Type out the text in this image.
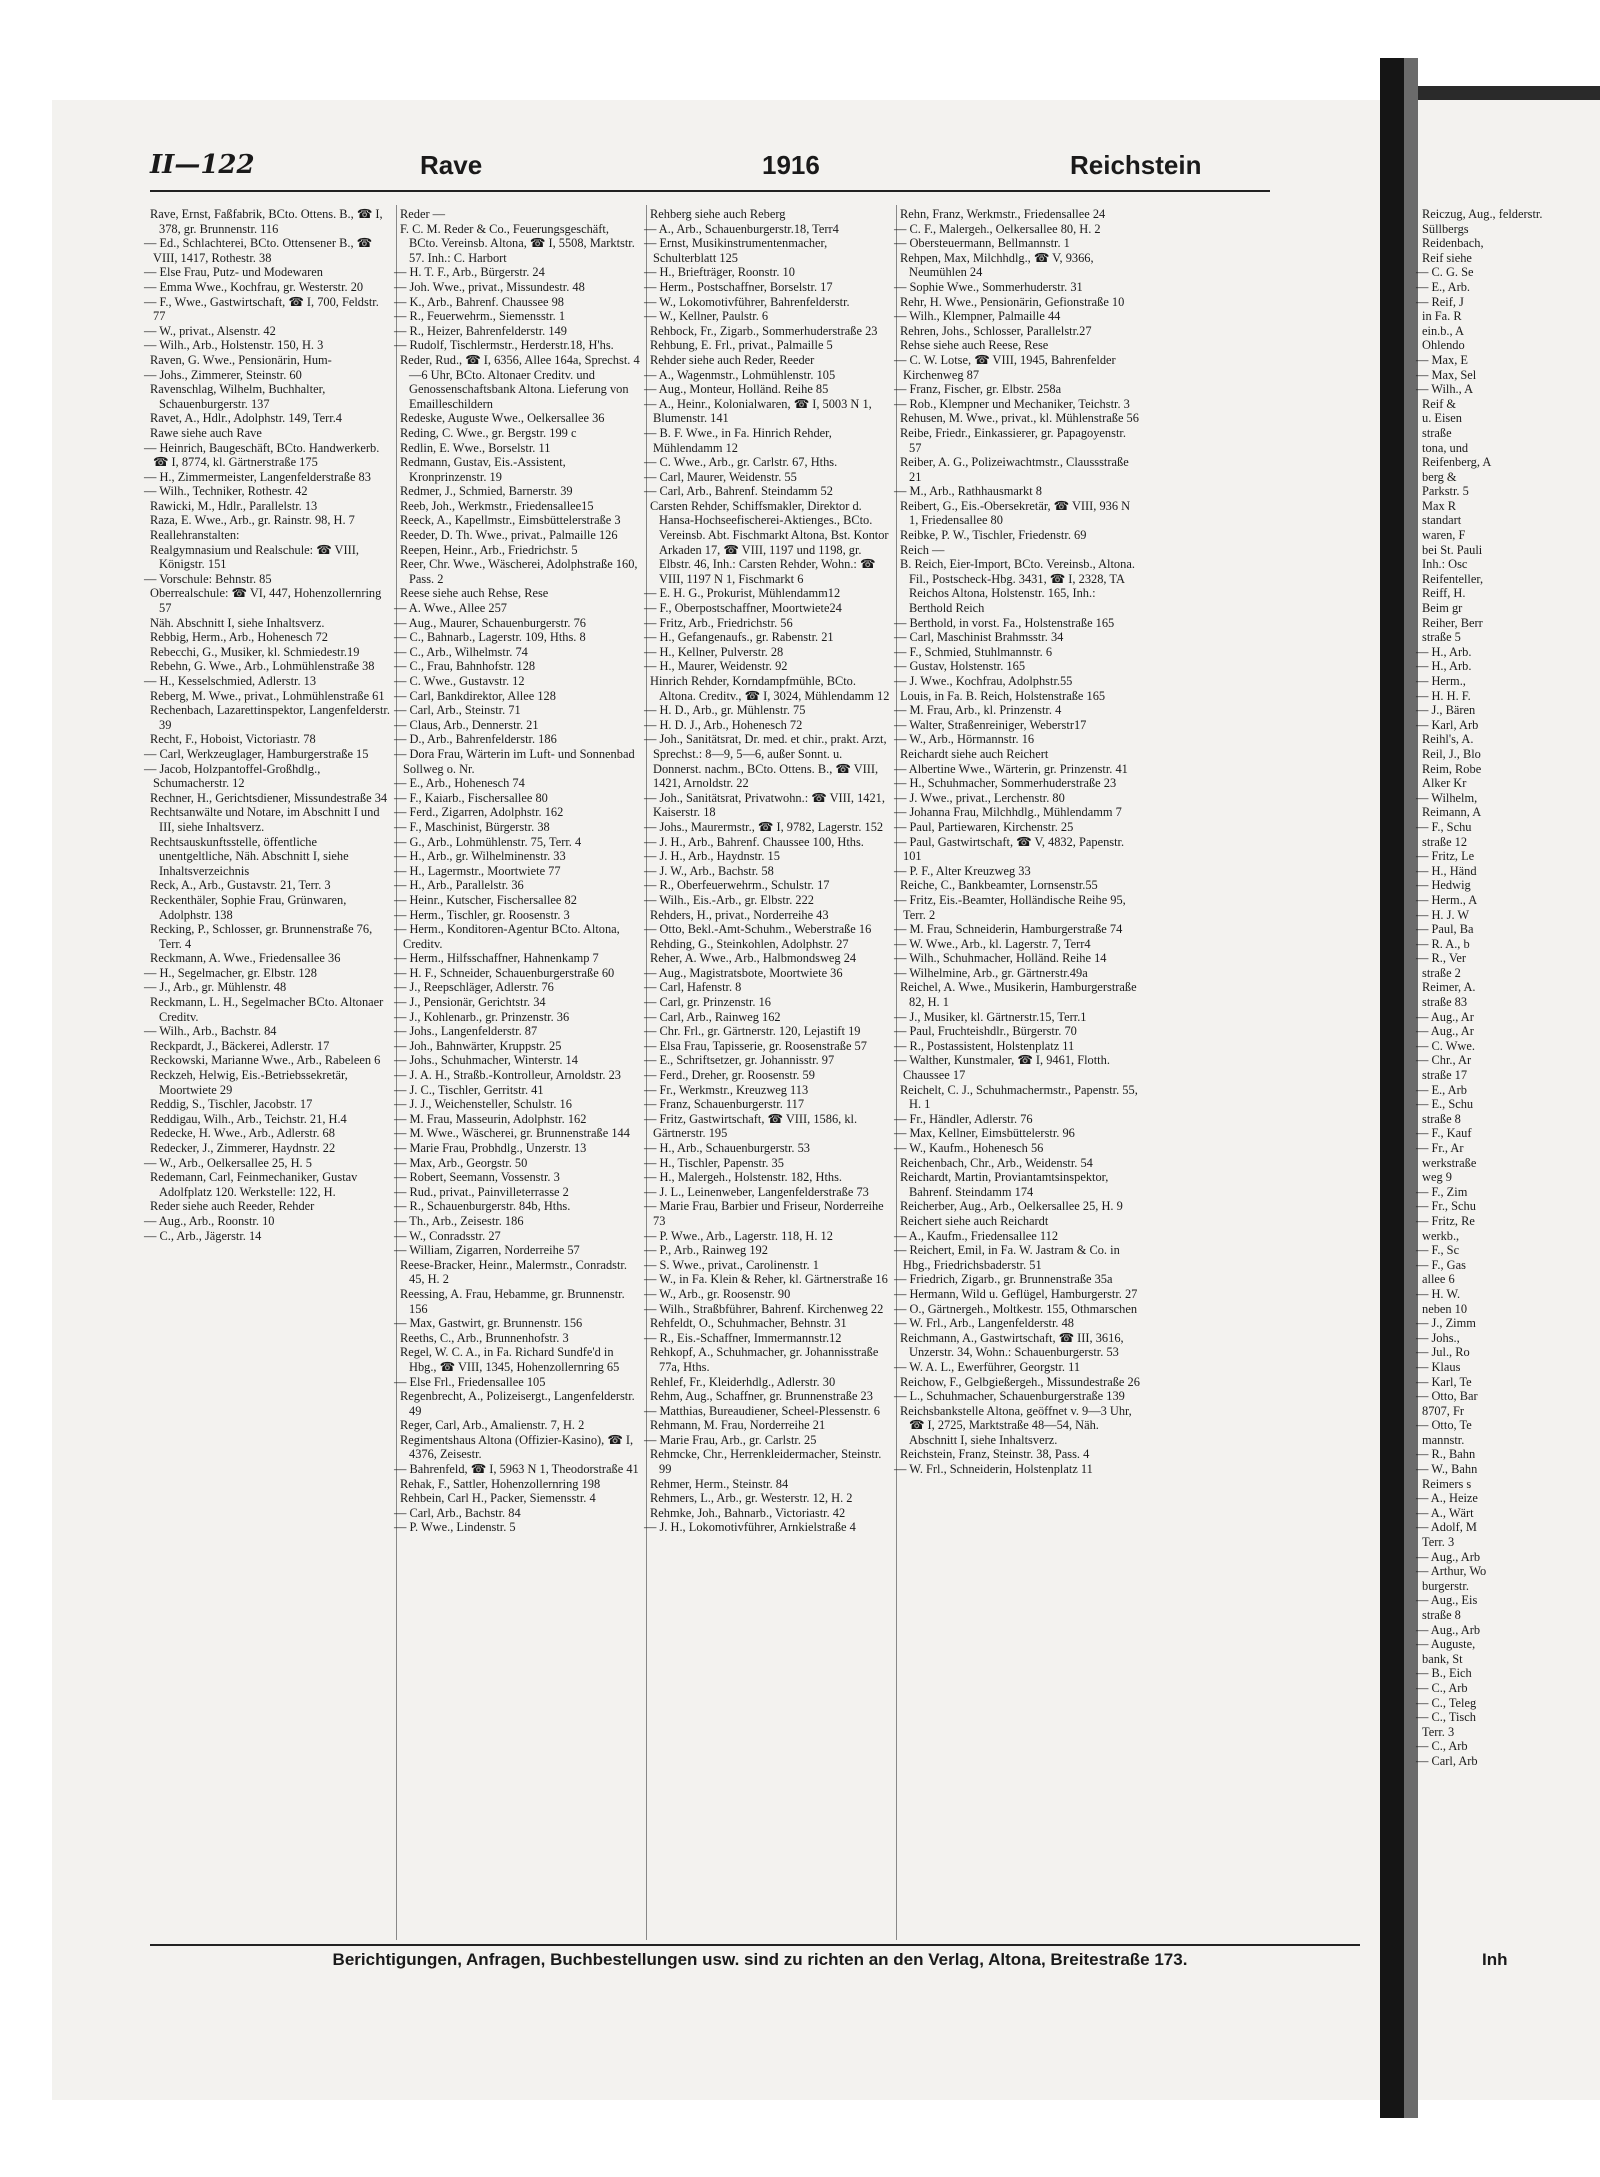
II—122	Rave	1916	Reichstein

Rave, Ernst, Faßfabrik, BCto. Ottens. B., ☎ I, 378, gr. Brunnenstr. 116

— Ed., Schlachterei, BCto. Ottensener B., ☎ VIII, 1417, Rothestr. 38

— Else Frau, Putz- und Modewaren

— Emma Wwe., Kochfrau, gr. Westerstr. 20

— F., Wwe., Gastwirtschaft, ☎ I, 700, Feldstr. 77

— W., privat., Alsenstr. 42

— Wilh., Arb., Holstenstr. 150, H. 3

Raven, G. Wwe., Pensionärin, Hum-

— Johs., Zimmerer, Steinstr. 60

Ravenschlag, Wilhelm, Buchhalter, Schauenburgerstr. 137

Ravet, A., Hdlr., Adolphstr. 149, Terr.4

Rawe siehe auch Rave

— Heinrich, Baugeschäft, BCto. Handwerkerb. ☎ I, 8774, kl. Gärtnerstraße 175

— H., Zimmermeister, Langenfelderstraße 83

— Wilh., Techniker, Rothestr. 42

Rawicki, M., Hdlr., Parallelstr. 13

Raza, E. Wwe., Arb., gr. Rainstr. 98, H. 7

Reallehranstalten:

Realgymnasium und Realschule: ☎ VIII, Königstr. 151

— Vorschule: Behnstr. 85

Oberrealschule: ☎ VI, 447, Hohenzollernring 57

Näh. Abschnitt I, siehe Inhaltsverz.

Rebbig, Herm., Arb., Hohenesch 72

Rebecchi, G., Musiker, kl. Schmiedestr.19

Rebehn, G. Wwe., Arb., Lohmühlenstraße 38

— H., Kesselschmied, Adlerstr. 13

Reberg, M. Wwe., privat., Lohmühlenstraße 61

Rechenbach, Lazarettinspektor, Langenfelderstr. 39

Recht, F., Hoboist, Victoriastr. 78

— Carl, Werkzeuglager, Hamburgerstraße 15

— Jacob, Holzpantoffel-Großhdlg., Schumacherstr. 12

Rechner, H., Gerichtsdiener, Missundestraße 34

Rechtsanwälte und Notare, im Abschnitt I und III, siehe Inhaltsverz.

Rechtsauskunftsstelle, öffentliche unentgeltliche, Näh. Abschnitt I, siehe Inhaltsverzeichnis

Reck, A., Arb., Gustavstr. 21, Terr. 3

Reckenthäler, Sophie Frau, Grünwaren, Adolphstr. 138

Recking, P., Schlosser, gr. Brunnenstraße 76, Terr. 4

Reckmann, A. Wwe., Friedensallee 36

— H., Segelmacher, gr. Elbstr. 128

— J., Arb., gr. Mühlenstr. 48

Reckmann, L. H., Segelmacher BCto. Altonaer Creditv.

— Wilh., Arb., Bachstr. 84

Reckpardt, J., Bäckerei, Adlerstr. 17

Reckowski, Marianne Wwe., Arb., Rabeleen 6

Reckzeh, Helwig, Eis.-Betriebssekretär, Moortwiete 29

Reddig, S., Tischler, Jacobstr. 17

Reddigau, Wilh., Arb., Teichstr. 21, H.4

Redecke, H. Wwe., Arb., Adlerstr. 68

Redecker, J., Zimmerer, Haydnstr. 22

— W., Arb., Oelkersallee 25, H. 5

Redemann, Carl, Feinmechaniker, Gustav Adolfplatz 120. Werkstelle: 122, H.

Reder siehe auch Reeder, Rehder

— Aug., Arb., Roonstr. 10

— C., Arb., Jägerstr. 14

Reder —

F. C. M. Reder & Co., Feuerungsgeschäft, BCto. Vereinsb. Altona, ☎ I, 5508, Marktstr. 57. Inh.: C. Harbort

— H. T. F., Arb., Bürgerstr. 24

— Joh. Wwe., privat., Missundestr. 48

— K., Arb., Bahrenf. Chaussee 98

— R., Feuerwehrm., Siemensstr. 1

— R., Heizer, Bahrenfelderstr. 149

— Rudolf, Tischlermstr., Herderstr.18, H'hs.

Reder, Rud., ☎ I, 6356, Allee 164a, Sprechst. 4—6 Uhr, BCto. Altonaer Creditv. und Genossenschaftsbank Altona. Lieferung von Emailleschildern

Redeske, Auguste Wwe., Oelkersallee 36

Reding, C. Wwe., gr. Bergstr. 199 c

Redlin, E. Wwe., Borselstr. 11

Redmann, Gustav, Eis.-Assistent, Kronprinzenstr. 19

Redmer, J., Schmied, Barnerstr. 39

Reeb, Joh., Werkmstr., Friedensallee15

Reeck, A., Kapellmstr., Eimsbüttelerstraße 3

Reeder, D. Th. Wwe., privat., Palmaille 126

Reepen, Heinr., Arb., Friedrichstr. 5

Reer, Chr. Wwe., Wäscherei, Adolphstraße 160, Pass. 2

Reese siehe auch Rehse, Rese

— A. Wwe., Allee 257

— Aug., Maurer, Schauenburgerstr. 76

— C., Bahnarb., Lagerstr. 109, Hths. 8

— C., Arb., Wilhelmstr. 74

— C., Frau, Bahnhofstr. 128

— C. Wwe., Gustavstr. 12

— Carl, Bankdirektor, Allee 128

— Carl, Arb., Steinstr. 71

— Claus, Arb., Dennerstr. 21

— D., Arb., Bahrenfelderstr. 186

— Dora Frau, Wärterin im Luft- und Sonnenbad Sollweg o. Nr.

— E., Arb., Hohenesch 74

— F., Kaiarb., Fischersallee 80

— Ferd., Zigarren, Adolphstr. 162

— F., Maschinist, Bürgerstr. 38

— G., Arb., Lohmühlenstr. 75, Terr. 4

— H., Arb., gr. Wilhelminenstr. 33

— H., Lagermstr., Moortwiete 77

— H., Arb., Parallelstr. 36

— Heinr., Kutscher, Fischersallee 82

— Herm., Tischler, gr. Roosenstr. 3

— Herm., Konditoren-Agentur BCto. Altona, Creditv.

— Herm., Hilfsschaffner, Hahnenkamp 7

— H. F., Schneider, Schauenburgerstraße 60

— J., Reepschläger, Adlerstr. 76

— J., Pensionär, Gerichtstr. 34

— J., Kohlenarb., gr. Prinzenstr. 36

— Johs., Langenfelderstr. 87

— Joh., Bahnwärter, Kruppstr. 25

— Johs., Schuhmacher, Winterstr. 14

— J. A. H., Straßb.-Kontrolleur, Arnoldstr. 23

— J. C., Tischler, Gerritstr. 41

— J. J., Weichensteller, Schulstr. 16

— M. Frau, Masseurin, Adolphstr. 162

— M. Wwe., Wäscherei, gr. Brunnenstraße 144

— Marie Frau, Probhdlg., Unzerstr. 13

— Max, Arb., Georgstr. 50

— Robert, Seemann, Vossenstr. 3

— Rud., privat., Painvilleterrasse 2

— R., Schauenburgerstr. 84b, Hths.

— Th., Arb., Zeisestr. 186

— W., Conradsstr. 27

— William, Zigarren, Norderreihe 57

Reese-Bracker, Heinr., Malermstr., Conradstr. 45, H. 2

Reessing, A. Frau, Hebamme, gr. Brunnenstr. 156

— Max, Gastwirt, gr. Brunnenstr. 156

Reeths, C., Arb., Brunnenhofstr. 3

Regel, W. C. A., in Fa. Richard Sundfe'd in Hbg., ☎ VIII, 1345, Hohenzollernring 65

— Else Frl., Friedensallee 105

Regenbrecht, A., Polizeisergt., Langenfelderstr. 49

Reger, Carl, Arb., Amalienstr. 7, H. 2

Regimentshaus Altona (Offizier-Kasino), ☎ I, 4376, Zeisestr.

— Bahrenfeld, ☎ I, 5963 N 1, Theodorstraße 41

Rehak, F., Sattler, Hohenzollernring 198

Rehbein, Carl H., Packer, Siemensstr. 4

— Carl, Arb., Bachstr. 84

— P. Wwe., Lindenstr. 5

Rehberg siehe auch Reberg

— A., Arb., Schauenburgerstr.18, Terr4

— Ernst, Musikinstrumentenmacher, Schulterblatt 125

— H., Briefträger, Roonstr. 10

— Herm., Postschaffner, Borselstr. 17

— W., Lokomotivführer, Bahrenfelderstr.

— W., Kellner, Paulstr. 6

Rehbock, Fr., Zigarb., Sommerhuderstraße 23

Rehbung, E. Frl., privat., Palmaille 5

Rehder siehe auch Reder, Reeder

— A., Wagenmstr., Lohmühlenstr. 105

— Aug., Monteur, Holländ. Reihe 85

— A., Heinr., Kolonialwaren, ☎ I, 5003 N 1, Blumenstr. 141

— B. F. Wwe., in Fa. Hinrich Rehder, Mühlendamm 12

— C. Wwe., Arb., gr. Carlstr. 67, Hths.

— Carl, Maurer, Weidenstr. 55

— Carl, Arb., Bahrenf. Steindamm 52

Carsten Rehder, Schiffsmakler, Direktor d. Hansa-Hochseefischerei-Aktienges., BCto. Vereinsb. Abt. Fischmarkt Altona, Bst. Kontor Arkaden 17, ☎ VIII, 1197 und 1198, gr. Elbstr. 46, Inh.: Carsten Rehder, Wohn.: ☎ VIII, 1197 N 1, Fischmarkt 6

— E. H. G., Prokurist, Mühlendamm12

— F., Oberpostschaffner, Moortwiete24

— Fritz, Arb., Friedrichstr. 56

— H., Gefangenaufs., gr. Rabenstr. 21

— H., Kellner, Pulverstr. 28

— H., Maurer, Weidenstr. 92

Hinrich Rehder, Korndampfmühle, BCto. Altona. Creditv., ☎ I, 3024, Mühlendamm 12

— H. D., Arb., gr. Mühlenstr. 75

— H. D. J., Arb., Hohenesch 72

— Joh., Sanitätsrat, Dr. med. et chir., prakt. Arzt, Sprechst.: 8—9, 5—6, außer Sonnt. u. Donnerst. nachm., BCto. Ottens. B., ☎ VIII, 1421, Arnoldstr. 22

— Joh., Sanitätsrat, Privatwohn.: ☎ VIII, 1421, Kaiserstr. 18

— Johs., Maurermstr., ☎ I, 9782, Lagerstr. 152

— J. H., Arb., Bahrenf. Chaussee 100, Hths.

— J. H., Arb., Haydnstr. 15

— J. W., Arb., Bachstr. 58

— R., Oberfeuerwehrm., Schulstr. 17

— Wilh., Eis.-Arb., gr. Elbstr. 222

Rehders, H., privat., Norderreihe 43

— Otto, Bekl.-Amt-Schuhm., Weberstraße 16

Rehding, G., Steinkohlen, Adolphstr. 27

Reher, A. Wwe., Arb., Halbmondsweg 24

— Aug., Magistratsbote, Moortwiete 36

— Carl, Hafenstr. 8

— Carl, gr. Prinzenstr. 16

— Carl, Arb., Rainweg 162

— Chr. Frl., gr. Gärtnerstr. 120, Lejastift 19

— Elsa Frau, Tapisserie, gr. Roosenstraße 57

— E., Schriftsetzer, gr. Johannisstr. 97

— Ferd., Dreher, gr. Roosenstr. 59

— Fr., Werkmstr., Kreuzweg 113

— Franz, Schauenburgerstr. 117

— Fritz, Gastwirtschaft, ☎ VIII, 1586, kl. Gärtnerstr. 195

— H., Arb., Schauenburgerstr. 53

— H., Tischler, Papenstr. 35

— H., Malergeh., Holstenstr. 182, Hths.

— J. L., Leinenweber, Langenfelderstraße 73

— Marie Frau, Barbier und Friseur, Norderreihe 73

— P. Wwe., Arb., Lagerstr. 118, H. 12

— P., Arb., Rainweg 192

— S. Wwe., privat., Carolinenstr. 1

— W., in Fa. Klein & Reher, kl. Gärtnerstraße 16

— W., Arb., gr. Roosenstr. 90

— Wilh., Straßbführer, Bahrenf. Kirchenweg 22

Rehfeldt, O., Schuhmacher, Behnstr. 31

— R., Eis.-Schaffner, Immermannstr.12

Rehkopf, A., Schuhmacher, gr. Johannisstraße 77a, Hths.

Rehlef, Fr., Kleiderhdlg., Adlerstr. 30

Rehm, Aug., Schaffner, gr. Brunnenstraße 23

— Matthias, Bureaudiener, Scheel-Plessenstr. 6

Rehmann, M. Frau, Norderreihe 21

— Marie Frau, Arb., gr. Carlstr. 25

Rehmcke, Chr., Herrenkleidermacher, Steinstr. 99

Rehmer, Herm., Steinstr. 84

Rehmers, L., Arb., gr. Westerstr. 12, H. 2

Rehmke, Joh., Bahnarb., Victoriastr. 42

— J. H., Lokomotivführer, Arnkielstraße 4

Rehn, Franz, Werkmstr., Friedensallee 24

— C. F., Malergeh., Oelkersallee 80, H. 2

— Obersteuermann, Bellmannstr. 1

Rehpen, Max, Milchhdlg., ☎ V, 9366, Neumühlen 24

— Sophie Wwe., Sommerhuderstr. 31

Rehr, H. Wwe., Pensionärin, Gefionstraße 10

— Wilh., Klempner, Palmaille 44

Rehren, Johs., Schlosser, Parallelstr.27

Rehse siehe auch Reese, Rese

— C. W. Lotse, ☎ VIII, 1945, Bahrenfelder Kirchenweg 87

— Franz, Fischer, gr. Elbstr. 258a

— Rob., Klempner und Mechaniker, Teichstr. 3

Rehusen, M. Wwe., privat., kl. Mühlenstraße 56

Reibe, Friedr., Einkassierer, gr. Papagoyenstr. 57

Reiber, A. G., Polizeiwachtmstr., Claussstraße 21

— M., Arb., Rathhausmarkt 8

Reibert, G., Eis.-Obersekretär, ☎ VIII, 936 N 1, Friedensallee 80

Reibke, P. W., Tischler, Friedenstr. 69

Reich —

B. Reich, Eier-Import, BCto. Vereinsb., Altona. Fil., Postscheck-Hbg. 3431, ☎ I, 2328, TA Reichos Altona, Holstenstr. 165, Inh.: Berthold Reich

— Berthold, in vorst. Fa., Holstenstraße 165

— Carl, Maschinist Brahmsstr. 34

— F., Schmied, Stuhlmannstr. 6

— Gustav, Holstenstr. 165

— J. Wwe., Kochfrau, Adolphstr.55

Louis, in Fa. B. Reich, Holstenstraße 165

— M. Frau, Arb., kl. Prinzenstr. 4

— Walter, Straßenreiniger, Weberstr17

— W., Arb., Hörmannstr. 16

Reichardt siehe auch Reichert

— Albertine Wwe., Wärterin, gr. Prinzenstr. 41

— H., Schuhmacher, Sommerhuderstraße 23

— J. Wwe., privat., Lerchenstr. 80

— Johanna Frau, Milchhdlg., Mühlendamm 7

— Paul, Partiewaren, Kirchenstr. 25

— Paul, Gastwirtschaft, ☎ V, 4832, Papenstr. 101

— P. F., Alter Kreuzweg 33

Reiche, C., Bankbeamter, Lornsenstr.55

— Fritz, Eis.-Beamter, Holländische Reihe 95, Terr. 2

— M. Frau, Schneiderin, Hamburgerstraße 74

— W. Wwe., Arb., kl. Lagerstr. 7, Terr4

— Wilh., Schuhmacher, Holländ. Reihe 14

— Wilhelmine, Arb., gr. Gärtnerstr.49a

Reichel, A. Wwe., Musikerin, Hamburgerstraße 82, H. 1

— J., Musiker, kl. Gärtnerstr.15, Terr.1

— Paul, Fruchteishdlr., Bürgerstr. 70

— R., Postassistent, Holstenplatz 11

— Walther, Kunstmaler, ☎ I, 9461, Flotth. Chaussee 17

Reichelt, C. J., Schuhmachermstr., Papenstr. 55, H. 1

— Fr., Händler, Adlerstr. 76

— Max, Kellner, Eimsbüttelerstr. 96

— W., Kaufm., Hohenesch 56

Reichenbach, Chr., Arb., Weidenstr. 54

Reichardt, Martin, Proviantamtsinspektor, Bahrenf. Steindamm 174

Reicherber, Aug., Arb., Oelkersallee 25, H. 9

Reichert siehe auch Reichardt

— A., Kaufm., Friedensallee 112

— Reichert, Emil, in Fa. W. Jastram & Co. in Hbg., Friedrichsbaderstr. 51

— Friedrich, Zigarb., gr. Brunnenstraße 35a

— Hermann, Wild u. Geflügel, Hamburgerstr. 27

— O., Gärtnergeh., Moltkestr. 155, Othmarschen

— W. Frl., Arb., Langenfelderstr. 48

Reichmann, A., Gastwirtschaft, ☎ III, 3616, Unzerstr. 34, Wohn.: Schauenburgerstr. 53

— W. A. L., Ewerführer, Georgstr. 11

Reichow, F., Gelbgießergeh., Missundestraße 26

— L., Schuhmacher, Schauenburgerstraße 139

Reichsbankstelle Altona, geöffnet v. 9—3 Uhr, ☎ I, 2725, Marktstraße 48—54, Näh. Abschnitt I, siehe Inhaltsverz.

Reichstein, Franz, Steinstr. 38, Pass. 4

— W. Frl., Schneiderin, Holstenplatz 11

Reiczug, Aug., felderstr.

Süllbergs

Reidenbach,

Reif siehe

— C. G. Se

— E., Arb.

— Reif, J

in Fa. R

ein.b., A

Ohlendo

— Max, E

— Max, Sel

— Wilh., A

Reif &

u. Eisen

straße

tona, und

Reifenberg, A

berg &

Parkstr. 5

Max R

standart

waren, F

bei St. Pauli

Inh.: Osc

Reifenteller,

Reiff, H.

Beim gr

Reiher, Berr

straße 5

— H., Arb.

— H., Arb.

— Herm.,

— H. H. F.

— J., Bären

— Karl, Arb

Reihl's, A.

Reil, J., Blo

Reim, Robe

Alker Kr

— Wilhelm,

Reimann, A

— F., Schu

straße 12

— Fritz, Le

— H., Händ

— Hedwig

— Herm., A

— H. J. W

— Paul, Ba

— R. A., b

— R., Ver

straße 2

Reimer, A.

straße 83

— Aug., Ar

— Aug., Ar

— C. Wwe.

— Chr., Ar

straße 17

— E., Arb

— E., Schu

straße 8

— F., Kauf

— Fr., Ar

werkstraße

weg 9

— F., Zim

— Fr., Schu

— Fritz, Re

werkb.,

— F., Sc

— F., Gas

allee 6

— H. W.

neben 10

— J., Zimm

— Johs.,

— Jul., Ro

— Klaus

— Karl, Te

— Otto, Bar

8707, Fr

— Otto, Te

mannstr.

— R., Bahn

— W., Bahn

Reimers s

— A., Heize

— A., Wärt

— Adolf, M

Terr. 3

— Aug., Arb

— Arthur, Wo

burgerstr.

— Aug., Eis

straße 8

— Aug., Arb

— Auguste,

bank, St

— B., Eich

— C., Arb

— C., Teleg

— C., Tisch

Terr. 3

— C., Arb

— Carl, Arb

Berichtigungen, Anfragen, Buchbestellungen usw. sind zu richten an den Verlag, Altona, Breitestraße 173.	Inh
